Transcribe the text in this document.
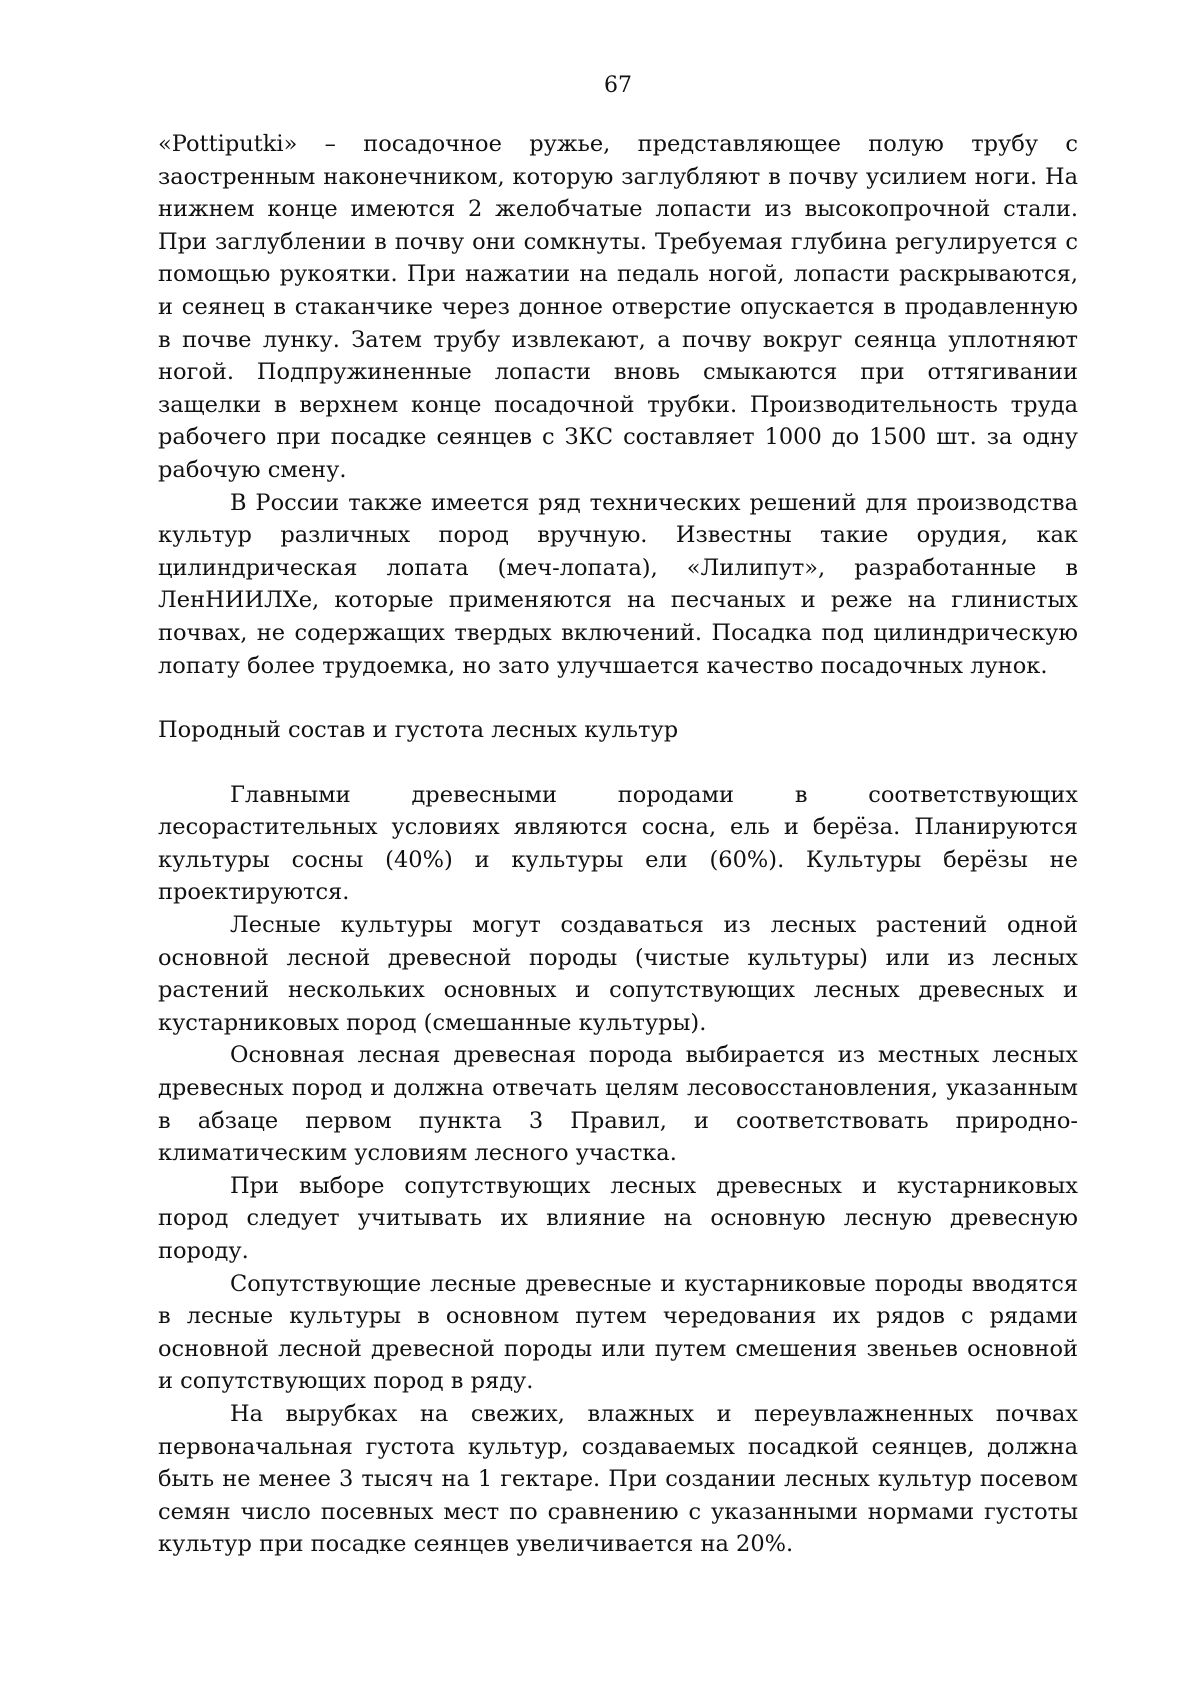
67

«Pottiputki» – посадочное ружье, представляющее полую трубу с заостренным наконечником, которую заглубляют в почву усилием ноги. На нижнем конце имеются 2 желобчатые лопасти из высокопрочной стали. При заглублении в почву они сомкнуты. Требуемая глубина регулируется с помощью рукоятки. При нажатии на педаль ногой, лопасти раскрываются, и сеянец в стаканчике через донное отверстие опускается в продавленную в почве лунку. Затем трубу извлекают, а почву вокруг сеянца уплотняют ногой. Подпружиненные лопасти вновь смыкаются при оттягивании защелки в верхнем конце посадочной трубки. Производительность труда рабочего при посадке сеянцев с ЗКС составляет 1000 до 1500 шт. за одну рабочую смену.

В России также имеется ряд технических решений для производства культур различных пород вручную. Известны такие орудия, как цилиндрическая лопата (меч-лопата), «Лилипут», разработанные в ЛенНИИЛХе, которые применяются на песчаных и реже на глинистых почвах, не содержащих твердых включений. Посадка под цилиндрическую лопату более трудоемка, но зато улучшается качество посадочных лунок.

Породный состав и густота лесных культур

Главными древесными породами в соответствующих лесорастительных условиях являются сосна, ель и берёза. Планируются культуры сосны (40%) и культуры ели (60%). Культуры берёзы не проектируются.

Лесные культуры могут создаваться из лесных растений одной основной лесной древесной породы (чистые культуры) или из лесных растений нескольких основных и сопутствующих лесных древесных и кустарниковых пород (смешанные культуры).

Основная лесная древесная порода выбирается из местных лесных древесных пород и должна отвечать целям лесовосстановления, указанным в абзаце первом пункта 3 Правил, и соответствовать природно-климатическим условиям лесного участка.

При выборе сопутствующих лесных древесных и кустарниковых пород следует учитывать их влияние на основную лесную древесную породу.

Сопутствующие лесные древесные и кустарниковые породы вводятся в лесные культуры в основном путем чередования их рядов с рядами основной лесной древесной породы или путем смешения звеньев основной и сопутствующих пород в ряду.

На вырубках на свежих, влажных и переувлажненных почвах первоначальная густота культур, создаваемых посадкой сеянцев, должна быть не менее 3 тысяч на 1 гектаре. При создании лесных культур посевом семян число посевных мест по сравнению с указанными нормами густоты культур при посадке сеянцев увеличивается на 20%.
